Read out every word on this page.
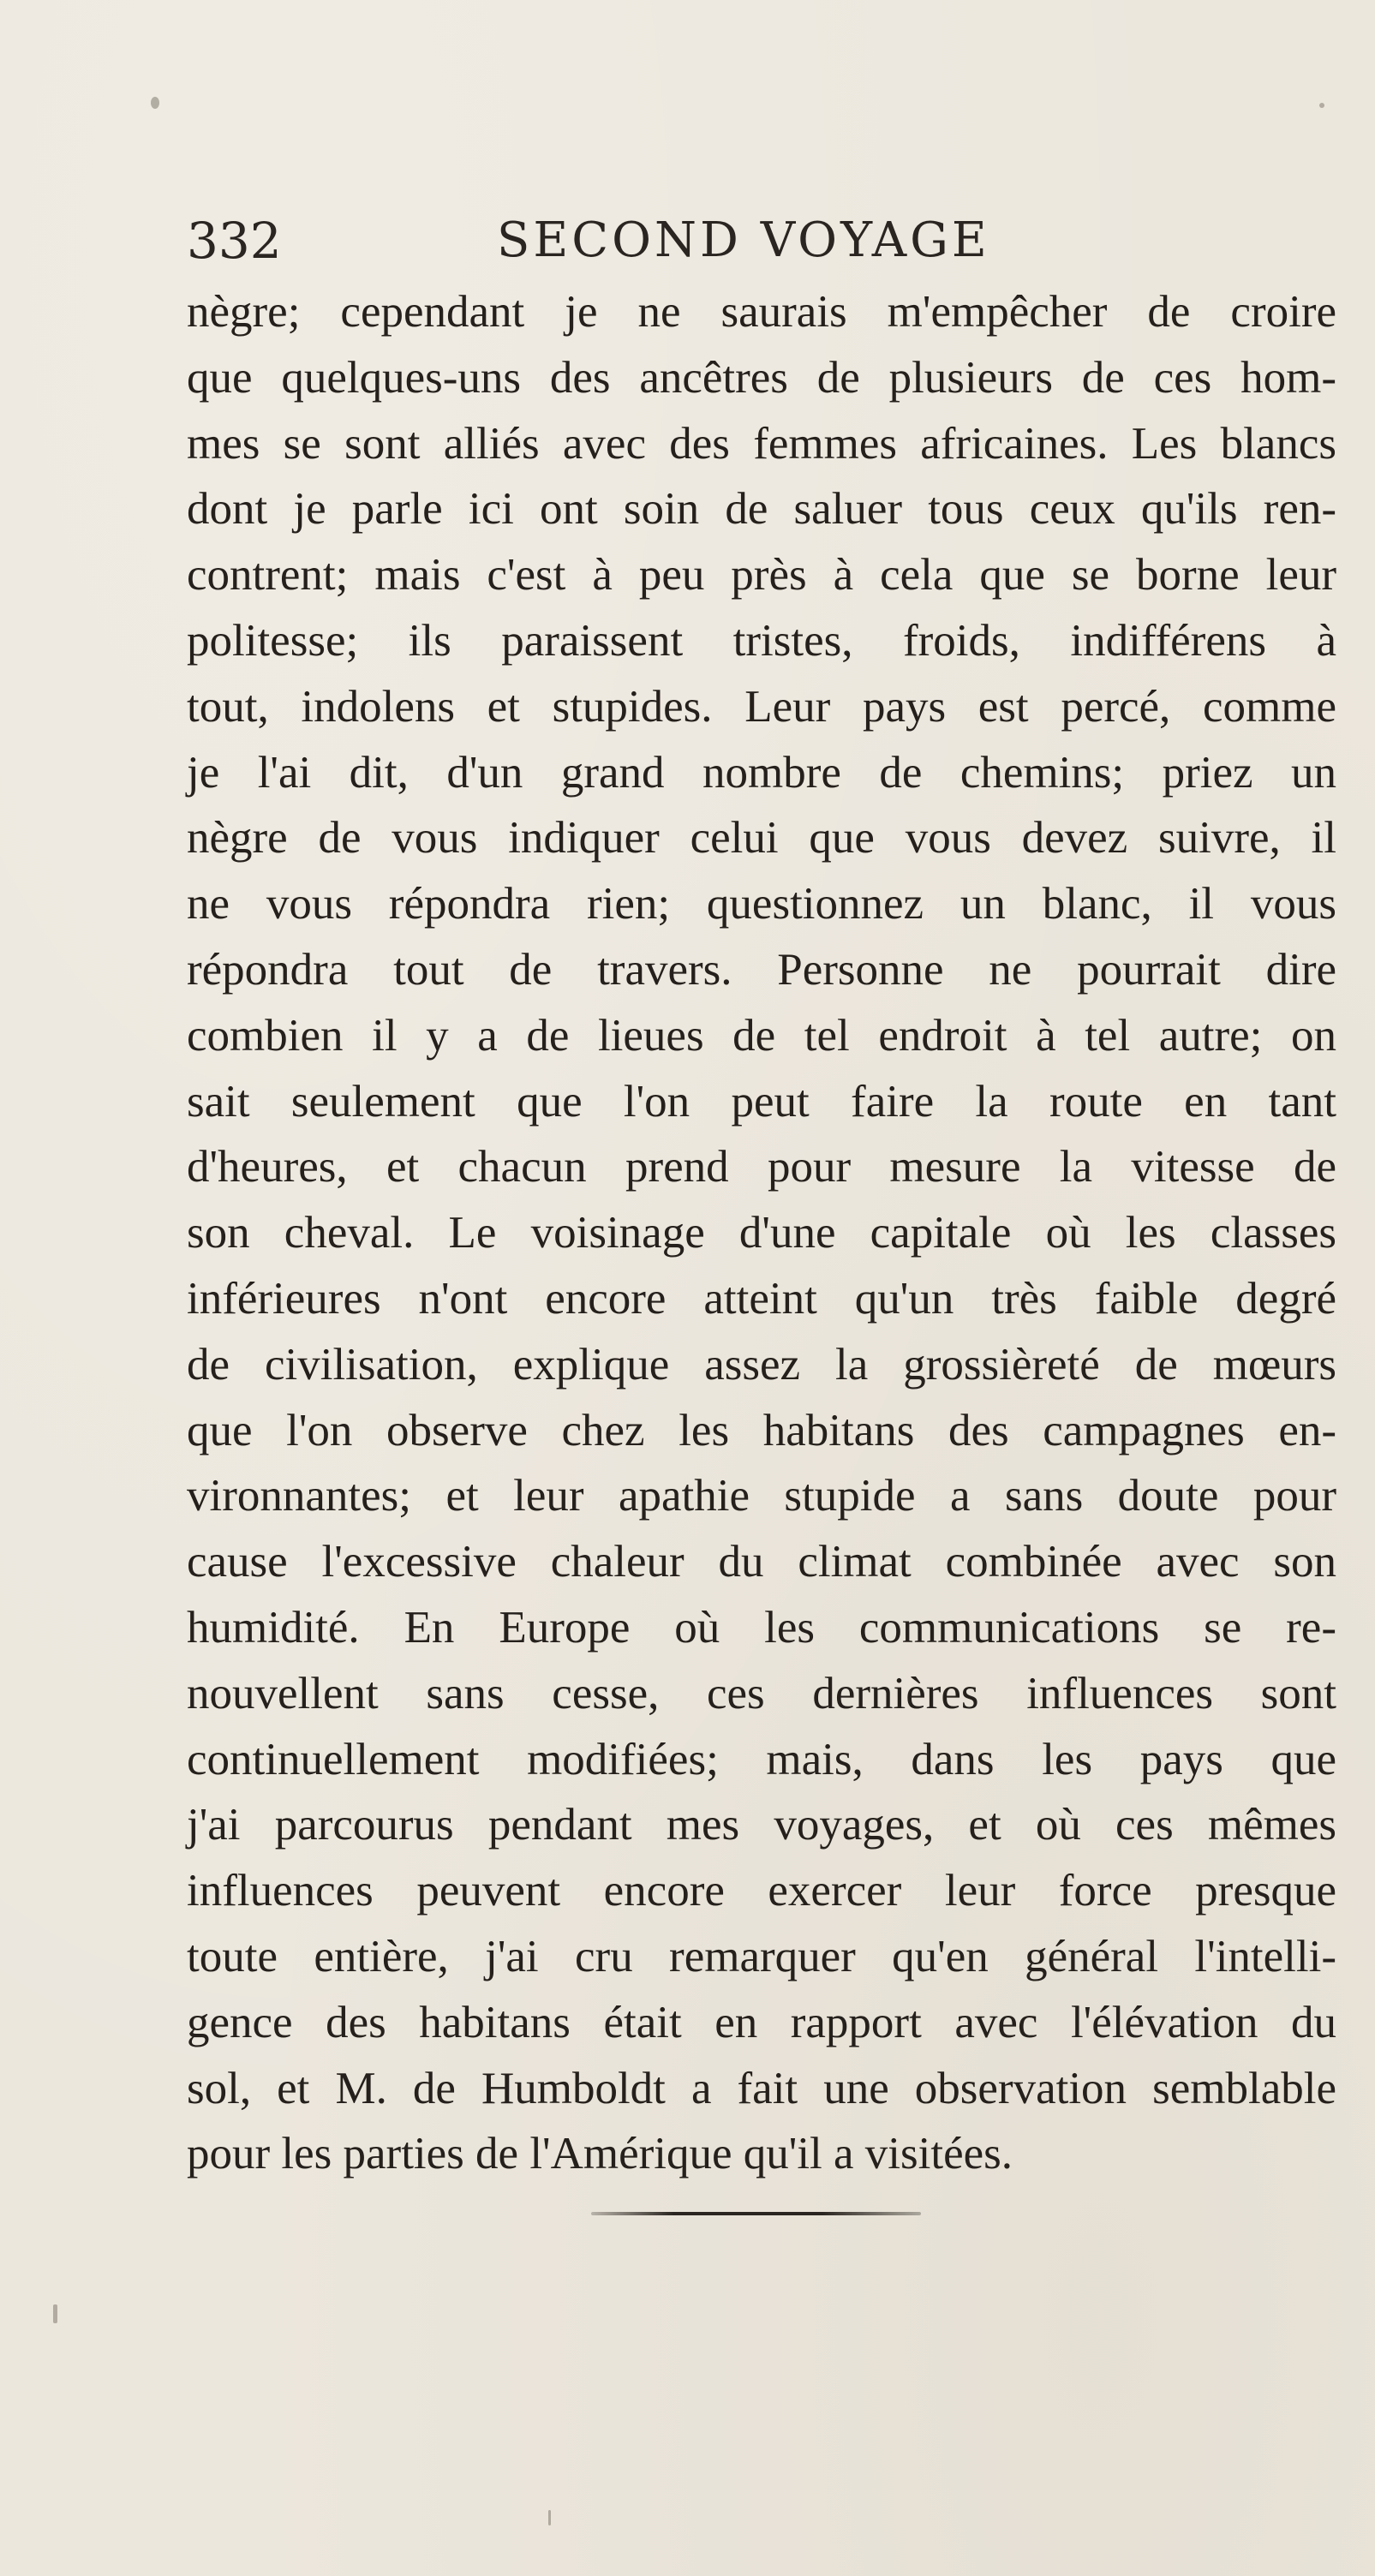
332	SECOND VOYAGE
nègre; cependant je ne saurais m'empêcher de croire
que quelques-uns des ancêtres de plusieurs de ces hom-
mes se sont alliés avec des femmes africaines. Les blancs
dont je parle ici ont soin de saluer tous ceux qu'ils ren-
contrent; mais c'est à peu près à cela que se borne leur
politesse; ils paraissent tristes, froids, indifférens à
tout, indolens et stupides. Leur pays est percé, comme
je l'ai dit, d'un grand nombre de chemins; priez un
nègre de vous indiquer celui que vous devez suivre, il
ne vous répondra rien; questionnez un blanc, il vous
répondra tout de travers. Personne ne pourrait dire
combien il y a de lieues de tel endroit à tel autre; on
sait seulement que l'on peut faire la route en tant
d'heures, et chacun prend pour mesure la vitesse de
son cheval. Le voisinage d'une capitale où les classes
inférieures n'ont encore atteint qu'un très faible degré
de civilisation, explique assez la grossièreté de mœurs
que l'on observe chez les habitans des campagnes en-
vironnantes; et leur apathie stupide a sans doute pour
cause l'excessive chaleur du climat combinée avec son
humidité. En Europe où les communications se re-
nouvellent sans cesse, ces dernières influences sont
continuellement modifiées; mais, dans les pays que
j'ai parcourus pendant mes voyages, et où ces mêmes
influences peuvent encore exercer leur force presque
toute entière, j'ai cru remarquer qu'en général l'intelli-
gence des habitans était en rapport avec l'élévation du
sol, et M. de Humboldt a fait une observation semblable
pour les parties de l'Amérique qu'il a visitées.
